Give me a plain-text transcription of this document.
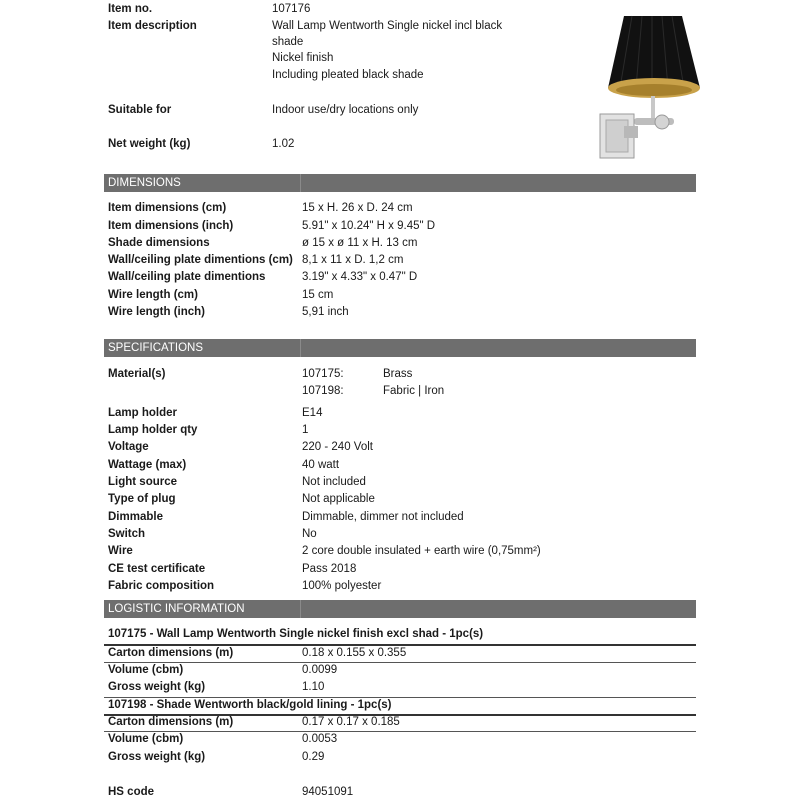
Item no.	107176
Item description	Wall Lamp Wentworth Single nickel incl black
shade
Nickel finish
Including pleated black shade
Suitable for	Indoor use/dry locations only
Net weight (kg)	1.02
DIMENSIONS
Item dimensions (cm)	15 x H. 26 x D. 24 cm
Item dimensions (inch)	5.91" x 10.24" H x 9.45" D
Shade dimensions	ø 15 x ø 11 x H. 13 cm
Wall/ceiling plate dimentions (cm) 8,1 x 11 x D. 1,2 cm
Wall/ceiling plate dimentions	3.19" x 4.33" x 0.47" D
Wire length (cm)	15 cm
Wire length (inch)	5,91 inch
SPECIFICATIONS
Material(s)	107175:	Brass
107198:	Fabric | Iron
Lamp holder	E14
Lamp holder qty	1
Voltage	220 - 240 Volt
Wattage (max)	40 watt
Light source	Not included
Type of plug	Not applicable
Dimmable	Dimmable, dimmer not included
Switch	No
Wire	2 core double insulated + earth wire (0,75mm²)
CE test certificate	Pass 2018
Fabric composition	100% polyester
LOGISTIC INFORMATION
107175 - Wall Lamp Wentworth Single nickel finish excl shad - 1pc(s)
Carton dimensions (m)	0.18 x 0.155 x 0.355
Volume (cbm)	0.0099
Gross weight (kg)	1.10
107198 - Shade Wentworth black/gold lining - 1pc(s)
Carton dimensions (m)	0.17 x 0.17 x 0.185
Volume (cbm)	0.0053
Gross weight (kg)	0.29
HS code	94051091
